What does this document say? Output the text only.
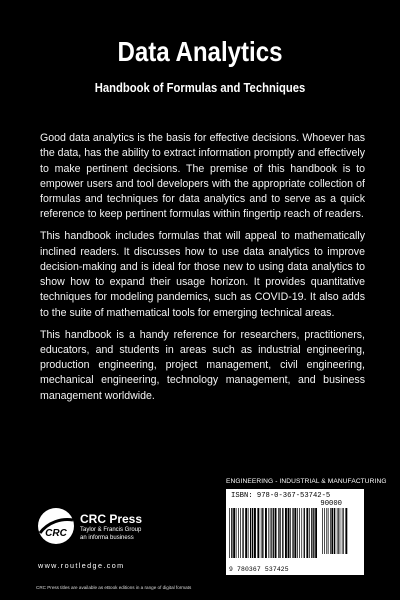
Data Analytics
Handbook of Formulas and Techniques

Good data analytics is the basis for effective decisions. Whoever has the data, has the ability to extract information promptly and effectively to make pertinent decisions. The premise of this handbook is to empower users and tool developers with the appropriate collection of formulas and techniques for data analytics and to serve as a quick reference to keep pertinent formulas within fingertip reach of readers.

This handbook includes formulas that will appeal to mathematically inclined readers. It discusses how to use data analytics to improve decision-making and is ideal for those new to using data analytics to show how to expand their usage horizon. It provides quantitative techniques for modeling pandemics, such as COVID-19. It also adds to the suite of mathematical tools for emerging technical areas.

This handbook is a handy reference for researchers, practitioners, educators, and students in areas such as industrial engineering, production engineering, project management, civil engineering, mechanical engineering, technology management, and business management worldwide.

CRC
CRC Press
Taylor & Francis Group
an informa business
www.routledge.com
CRC Press titles are available as eBook editions in a range of digital formats
ENGINEERING - INDUSTRIAL & MANUFACTURING
ISBN: 978-0-367-53742-5
90000
9 780367 537425
